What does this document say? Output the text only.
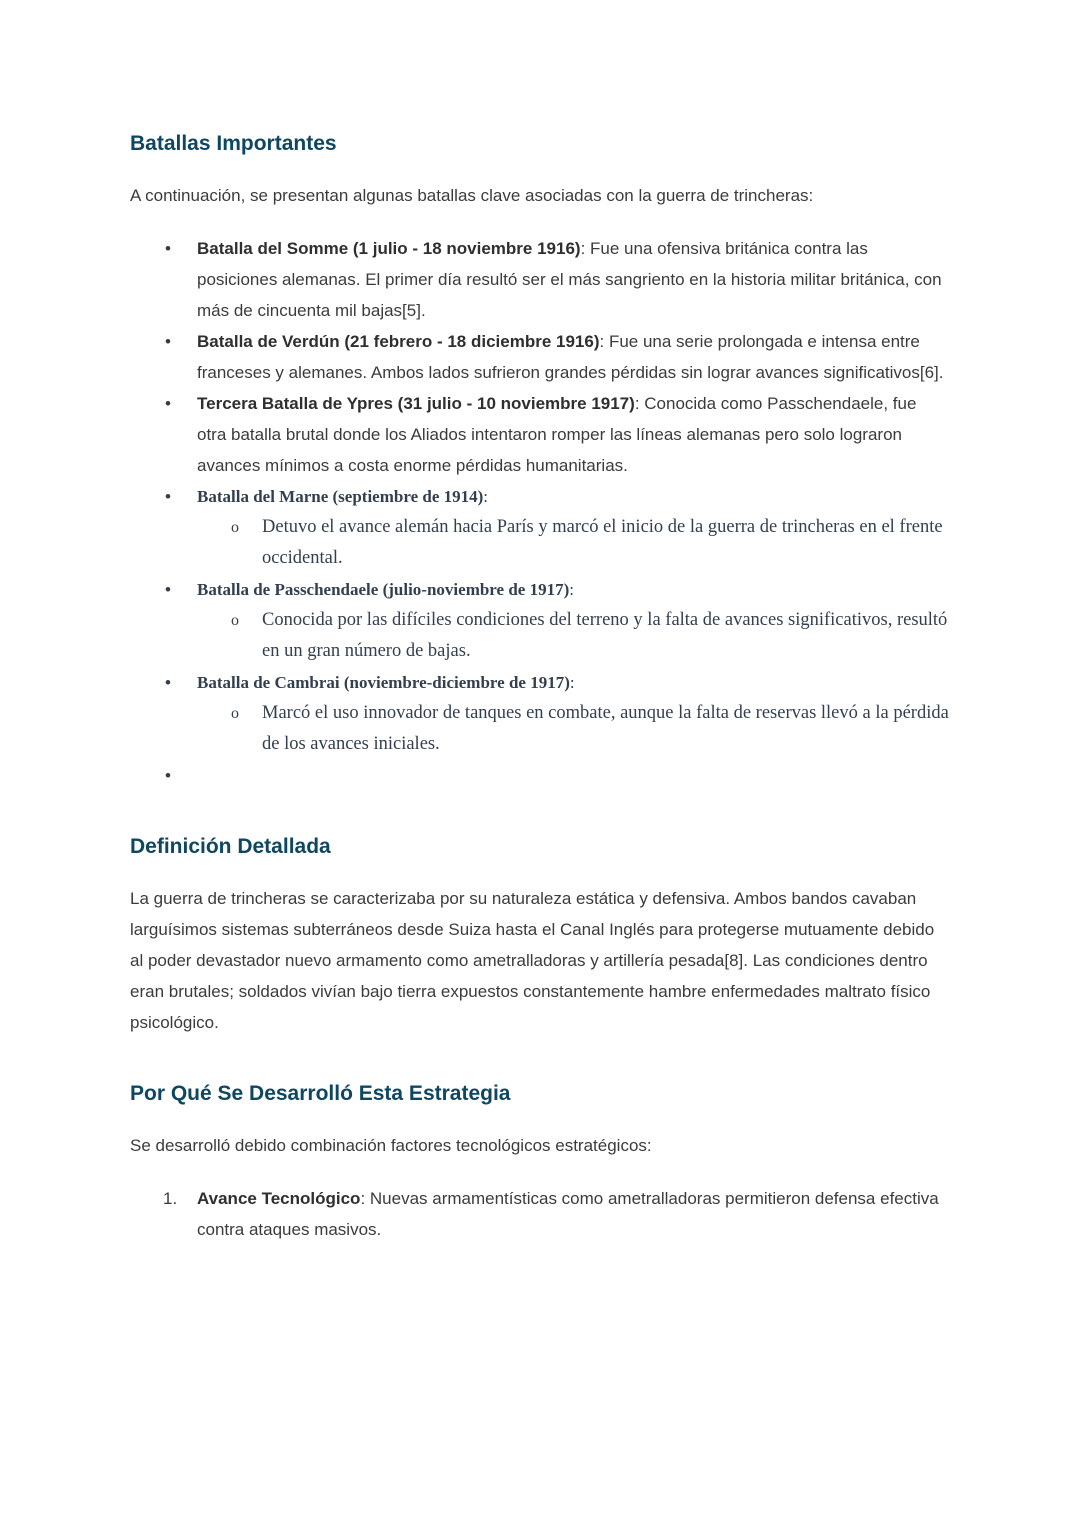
Batallas Importantes

A continuación, se presentan algunas batallas clave asociadas con la guerra de trincheras:

•	Batalla del Somme (1 julio - 18 noviembre 1916): Fue una ofensiva británica contra las posiciones alemanas. El primer día resultó ser el más sangriento en la historia militar británica, con más de cincuenta mil bajas[5].
•	Batalla de Verdún (21 febrero - 18 diciembre 1916): Fue una serie prolongada e intensa entre franceses y alemanes. Ambos lados sufrieron grandes pérdidas sin lograr avances significativos[6].
•	Tercera Batalla de Ypres (31 julio - 10 noviembre 1917): Conocida como Passchendaele, fue otra batalla brutal donde los Aliados intentaron romper las líneas alemanas pero solo lograron avances mínimos a costa enorme pérdidas humanitarias.
•	Batalla del Marne (septiembre de 1914):
o	Detuvo el avance alemán hacia París y marcó el inicio de la guerra de trincheras en el frente occidental.
•	Batalla de Passchendaele (julio-noviembre de 1917):
o	Conocida por las difíciles condiciones del terreno y la falta de avances significativos, resultó en un gran número de bajas.
•	Batalla de Cambrai (noviembre-diciembre de 1917):
o	Marcó el uso innovador de tanques en combate, aunque la falta de reservas llevó a la pérdida de los avances iniciales.
•
Definición Detallada

La guerra de trincheras se caracterizaba por su naturaleza estática y defensiva. Ambos bandos cavaban larguísimos sistemas subterráneos desde Suiza hasta el Canal Inglés para protegerse mutuamente debido al poder devastador nuevo armamento como ametralladoras y artillería pesada[8]. Las condiciones dentro eran brutales; soldados vivían bajo tierra expuestos constantemente hambre enfermedades maltrato físico psicológico.

Por Qué Se Desarrolló Esta Estrategia

Se desarrolló debido combinación factores tecnológicos estratégicos:

1.	Avance Tecnológico: Nuevas armamentísticas como ametralladoras permitieron defensa efectiva contra ataques masivos.
